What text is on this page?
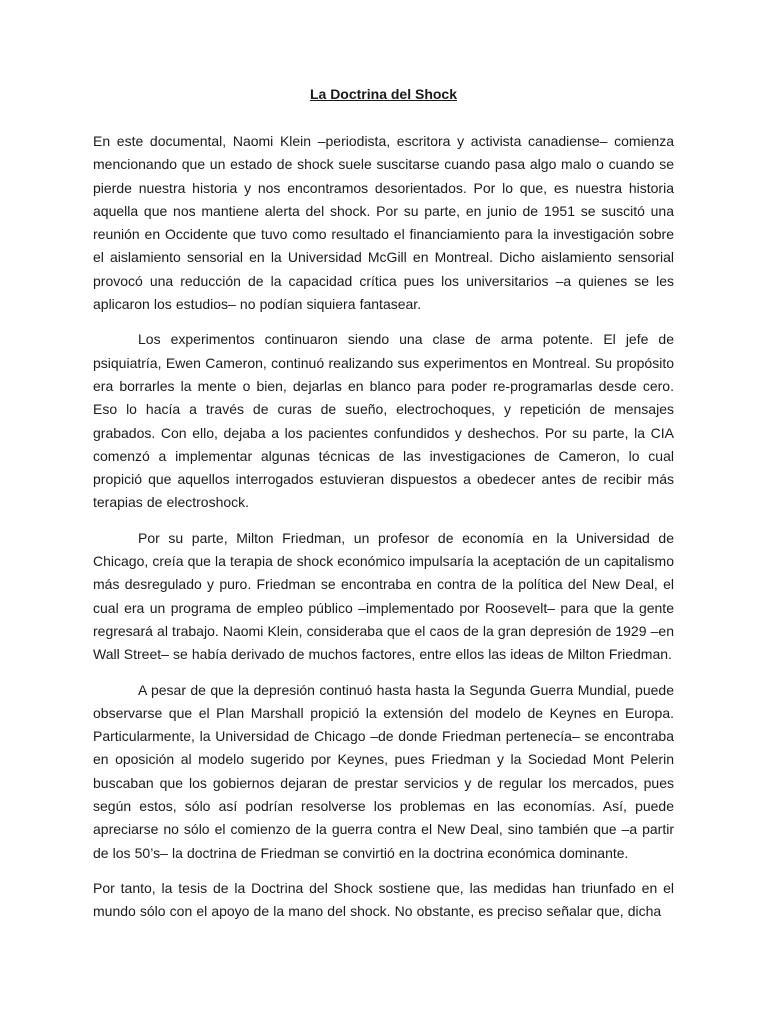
La Doctrina del Shock

En este documental, Naomi Klein –periodista, escritora y activista canadiense– comienza mencionando que un estado de shock suele suscitarse cuando pasa algo malo o cuando se pierde nuestra historia y nos encontramos desorientados. Por lo que, es nuestra historia aquella que nos mantiene alerta del shock. Por su parte, en junio de 1951 se suscitó una reunión en Occidente que tuvo como resultado el financiamiento para la investigación sobre el aislamiento sensorial en la Universidad McGill en Montreal. Dicho aislamiento sensorial provocó una reducción de la capacidad crítica pues los universitarios –a quienes se les aplicaron los estudios– no podían siquiera fantasear.

Los experimentos continuaron siendo una clase de arma potente. El jefe de psiquiatría, Ewen Cameron, continuó realizando sus experimentos en Montreal. Su propósito era borrarles la mente o bien, dejarlas en blanco para poder re-programarlas desde cero. Eso lo hacía a través de curas de sueño, electrochoques, y repetición de mensajes grabados. Con ello, dejaba a los pacientes confundidos y deshechos. Por su parte, la CIA comenzó a implementar algunas técnicas de las investigaciones de Cameron, lo cual propició que aquellos interrogados estuvieran dispuestos a obedecer antes de recibir más terapias de electroshock.

Por su parte, Milton Friedman, un profesor de economía en la Universidad de Chicago, creía que la terapia de shock económico impulsaría la aceptación de un capitalismo más desregulado y puro. Friedman se encontraba en contra de la política del New Deal, el cual era un programa de empleo público –implementado por Roosevelt– para que la gente regresará al trabajo. Naomi Klein, consideraba que el caos de la gran depresión de 1929 –en Wall Street– se había derivado de muchos factores, entre ellos las ideas de Milton Friedman.

A pesar de que la depresión continuó hasta hasta la Segunda Guerra Mundial, puede observarse que el Plan Marshall propició la extensión del modelo de Keynes en Europa. Particularmente, la Universidad de Chicago –de donde Friedman pertenecía– se encontraba en oposición al modelo sugerido por Keynes, pues Friedman y la Sociedad Mont Pelerin buscaban que los gobiernos dejaran de prestar servicios y de regular los mercados, pues según estos, sólo así podrían resolverse los problemas en las economías. Así, puede apreciarse no sólo el comienzo de la guerra contra el New Deal, sino también que –a partir de los 50’s– la doctrina de Friedman se convirtió en la doctrina económica dominante.

Por tanto, la tesis de la Doctrina del Shock sostiene que, las medidas han triunfado en el mundo sólo con el apoyo de la mano del shock. No obstante, es preciso señalar que, dicha
